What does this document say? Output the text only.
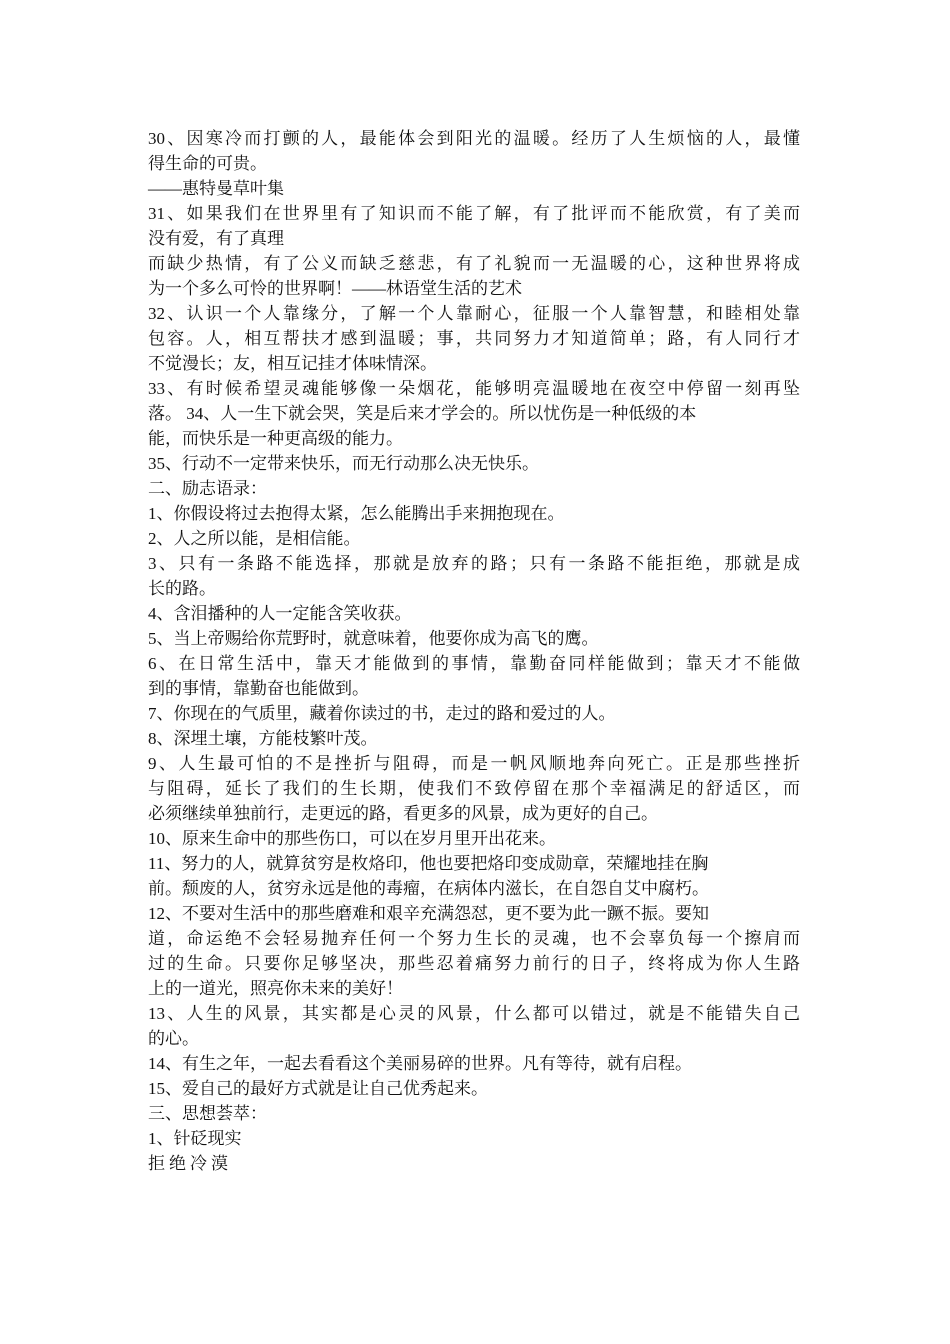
30、因寒冷而打颤的人，最能体会到阳光的温暖。经历了人生烦恼的人，最懂
得生命的可贵。
——惠特曼草叶集
31、如果我们在世界里有了知识而不能了解，有了批评而不能欣赏，有了美而
没有爱，有了真理
而缺少热情，有了公义而缺乏慈悲，有了礼貌而一无温暖的心，这种世界将成
为一个多么可怜的世界啊！——林语堂生活的艺术
32、认识一个人靠缘分，了解一个人靠耐心，征服一个人靠智慧，和睦相处靠
包容。人，相互帮扶才感到温暖；事，共同努力才知道简单；路，有人同行才
不觉漫长；友，相互记挂才体味情深。
33、有时候希望灵魂能够像一朵烟花，能够明亮温暖地在夜空中停留一刻再坠
落。 34、人一生下就会哭，笑是后来才学会的。所以忧伤是一种低级的本
能，而快乐是一种更高级的能力。
35、行动不一定带来快乐，而无行动那么决无快乐。
二、励志语录：
1、你假设将过去抱得太紧，怎么能腾出手来拥抱现在。
2、人之所以能，是相信能。
3、只有一条路不能选择，那就是放弃的路；只有一条路不能拒绝，那就是成
长的路。
4、含泪播种的人一定能含笑收获。
5、当上帝赐给你荒野时，就意味着，他要你成为高飞的鹰。
6、在日常生活中，靠天才能做到的事情，靠勤奋同样能做到；靠天才不能做
到的事情，靠勤奋也能做到。
7、你现在的气质里，藏着你读过的书，走过的路和爱过的人。
8、深埋土壤，方能枝繁叶茂。
9、人生最可怕的不是挫折与阻碍，而是一帆风顺地奔向死亡。正是那些挫折
与阻碍，延长了我们的生长期，使我们不致停留在那个幸福满足的舒适区，而
必须继续单独前行，走更远的路，看更多的风景，成为更好的自己。
10、原来生命中的那些伤口，可以在岁月里开出花来。
11、努力的人，就算贫穷是枚烙印，他也要把烙印变成勋章，荣耀地挂在胸
前。颓废的人，贫穷永远是他的毒瘤，在病体内滋长，在自怨自艾中腐朽。
12、不要对生活中的那些磨难和艰辛充满怨怼，更不要为此一蹶不振。要知
道，命运绝不会轻易抛弃任何一个努力生长的灵魂，也不会辜负每一个擦肩而
过的生命。只要你足够坚决，那些忍着痛努力前行的日子，终将成为你人生路
上的一道光，照亮你未来的美好！
13、人生的风景，其实都是心灵的风景，什么都可以错过，就是不能错失自己
的心。
14、有生之年，一起去看看这个美丽易碎的世界。凡有等待，就有启程。
15、爱自己的最好方式就是让自己优秀起来。
三、思想荟萃：
1、针砭现实
拒绝冷漠
